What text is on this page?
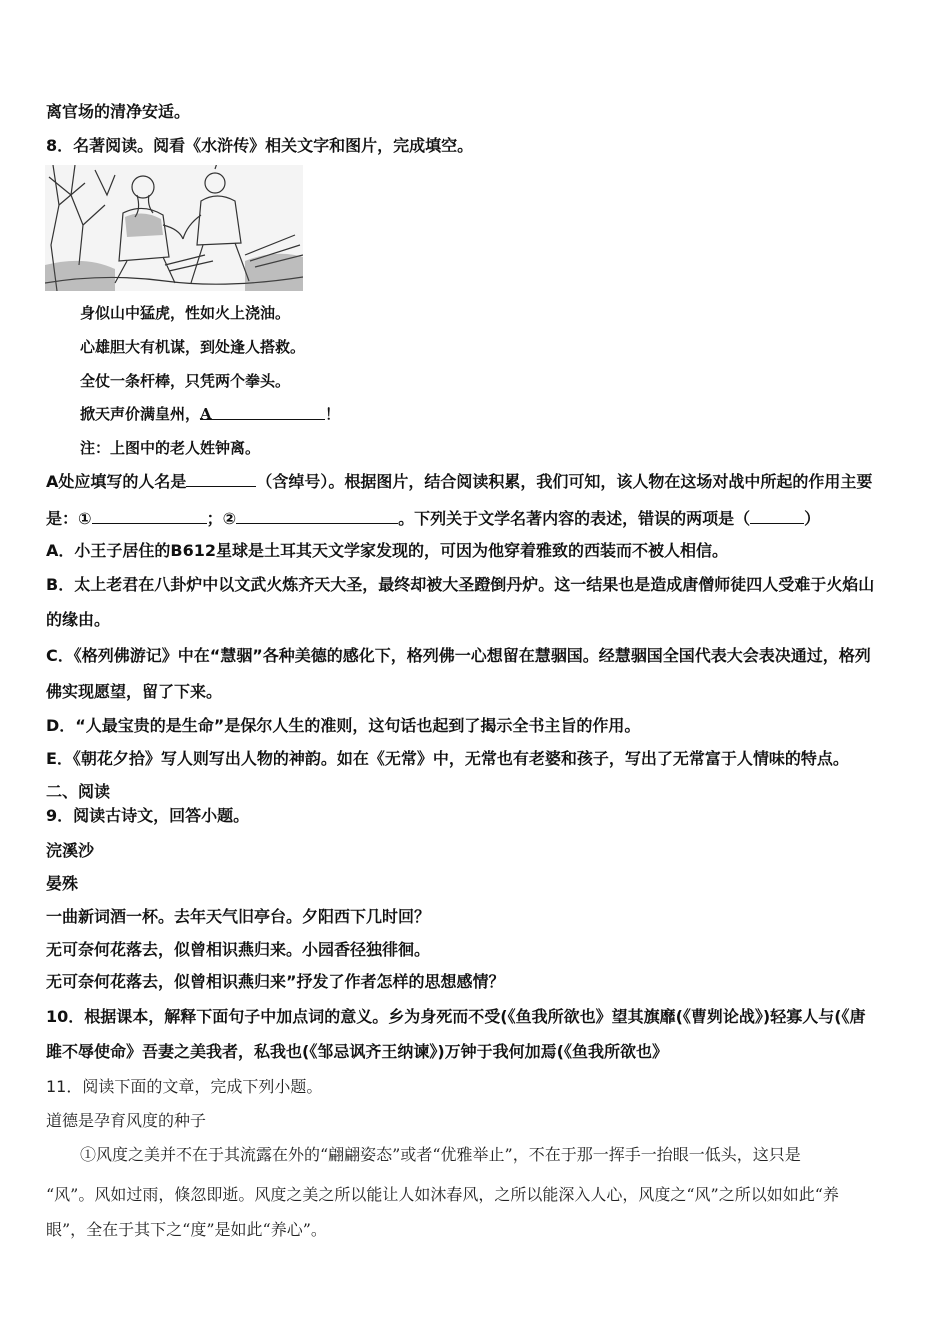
离官场的清净安适。
8．名著阅读。阅看《水浒传》相关文字和图片，完成填空。
身似山中猛虎，性如火上浇油。
心雄胆大有机谋，到处逢人搭救。
全仗一条杆棒，只凭两个拳头。
掀天声价满皇州，A	！
注：上图中的老人姓钟离。
A处应填写的人名是	（含绰号）。根据图片，结合阅读积累，我们可知，该人物在这场对战中所起的作用主要
是：①	；②	。下列关于文学名著内容的表述，错误的两项是（	）
A．小王子居住的B612星球是土耳其天文学家发现的，可因为他穿着雅致的西装而不被人相信。
B．太上老君在八卦炉中以文武火炼齐天大圣，最终却被大圣蹬倒丹炉。这一结果也是造成唐僧师徒四人受难于火焰山
的缘由。
C．《格列佛游记》中在“慧骃”各种美德的感化下，格列佛一心想留在慧骃国。经慧骃国全国代表大会表决通过，格列
佛实现愿望，留了下来。
D．“人最宝贵的是生命”是保尔人生的准则，这句话也起到了揭示全书主旨的作用。
E．《朝花夕拾》写人则写出人物的神韵。如在《无常》中，无常也有老婆和孩子，写出了无常富于人情味的特点。
二、阅读
9．阅读古诗文，回答小题。
浣溪沙
晏殊
一曲新词酒一杯。去年天气旧亭台。夕阳西下几时回？
无可奈何花落去，似曾相识燕归来。小园香径独徘徊。
无可奈何花落去，似曾相识燕归来”抒发了作者怎样的思想感情？
10．根据课本，解释下面句子中加点词的意义。乡为身死而不受(《鱼我所欲也》望其旗靡(《曹刿论战》)轻寡人与(《唐
雎不辱使命》吾妻之美我者，私我也(《邹忌讽齐王纳谏》)万钟于我何加焉(《鱼我所欲也》
11．阅读下面的文章，完成下列小题。
道德是孕育风度的种子
①风度之美并不在于其流露在外的“翩翩姿态”或者“优雅举止”，不在于那一挥手一抬眼一低头，这只是
“风”。风如过雨，倏忽即逝。风度之美之所以能让人如沐春风，之所以能深入人心，风度之“风”之所以如如此“养
眼”，全在于其下之“度”是如此“养心”。
